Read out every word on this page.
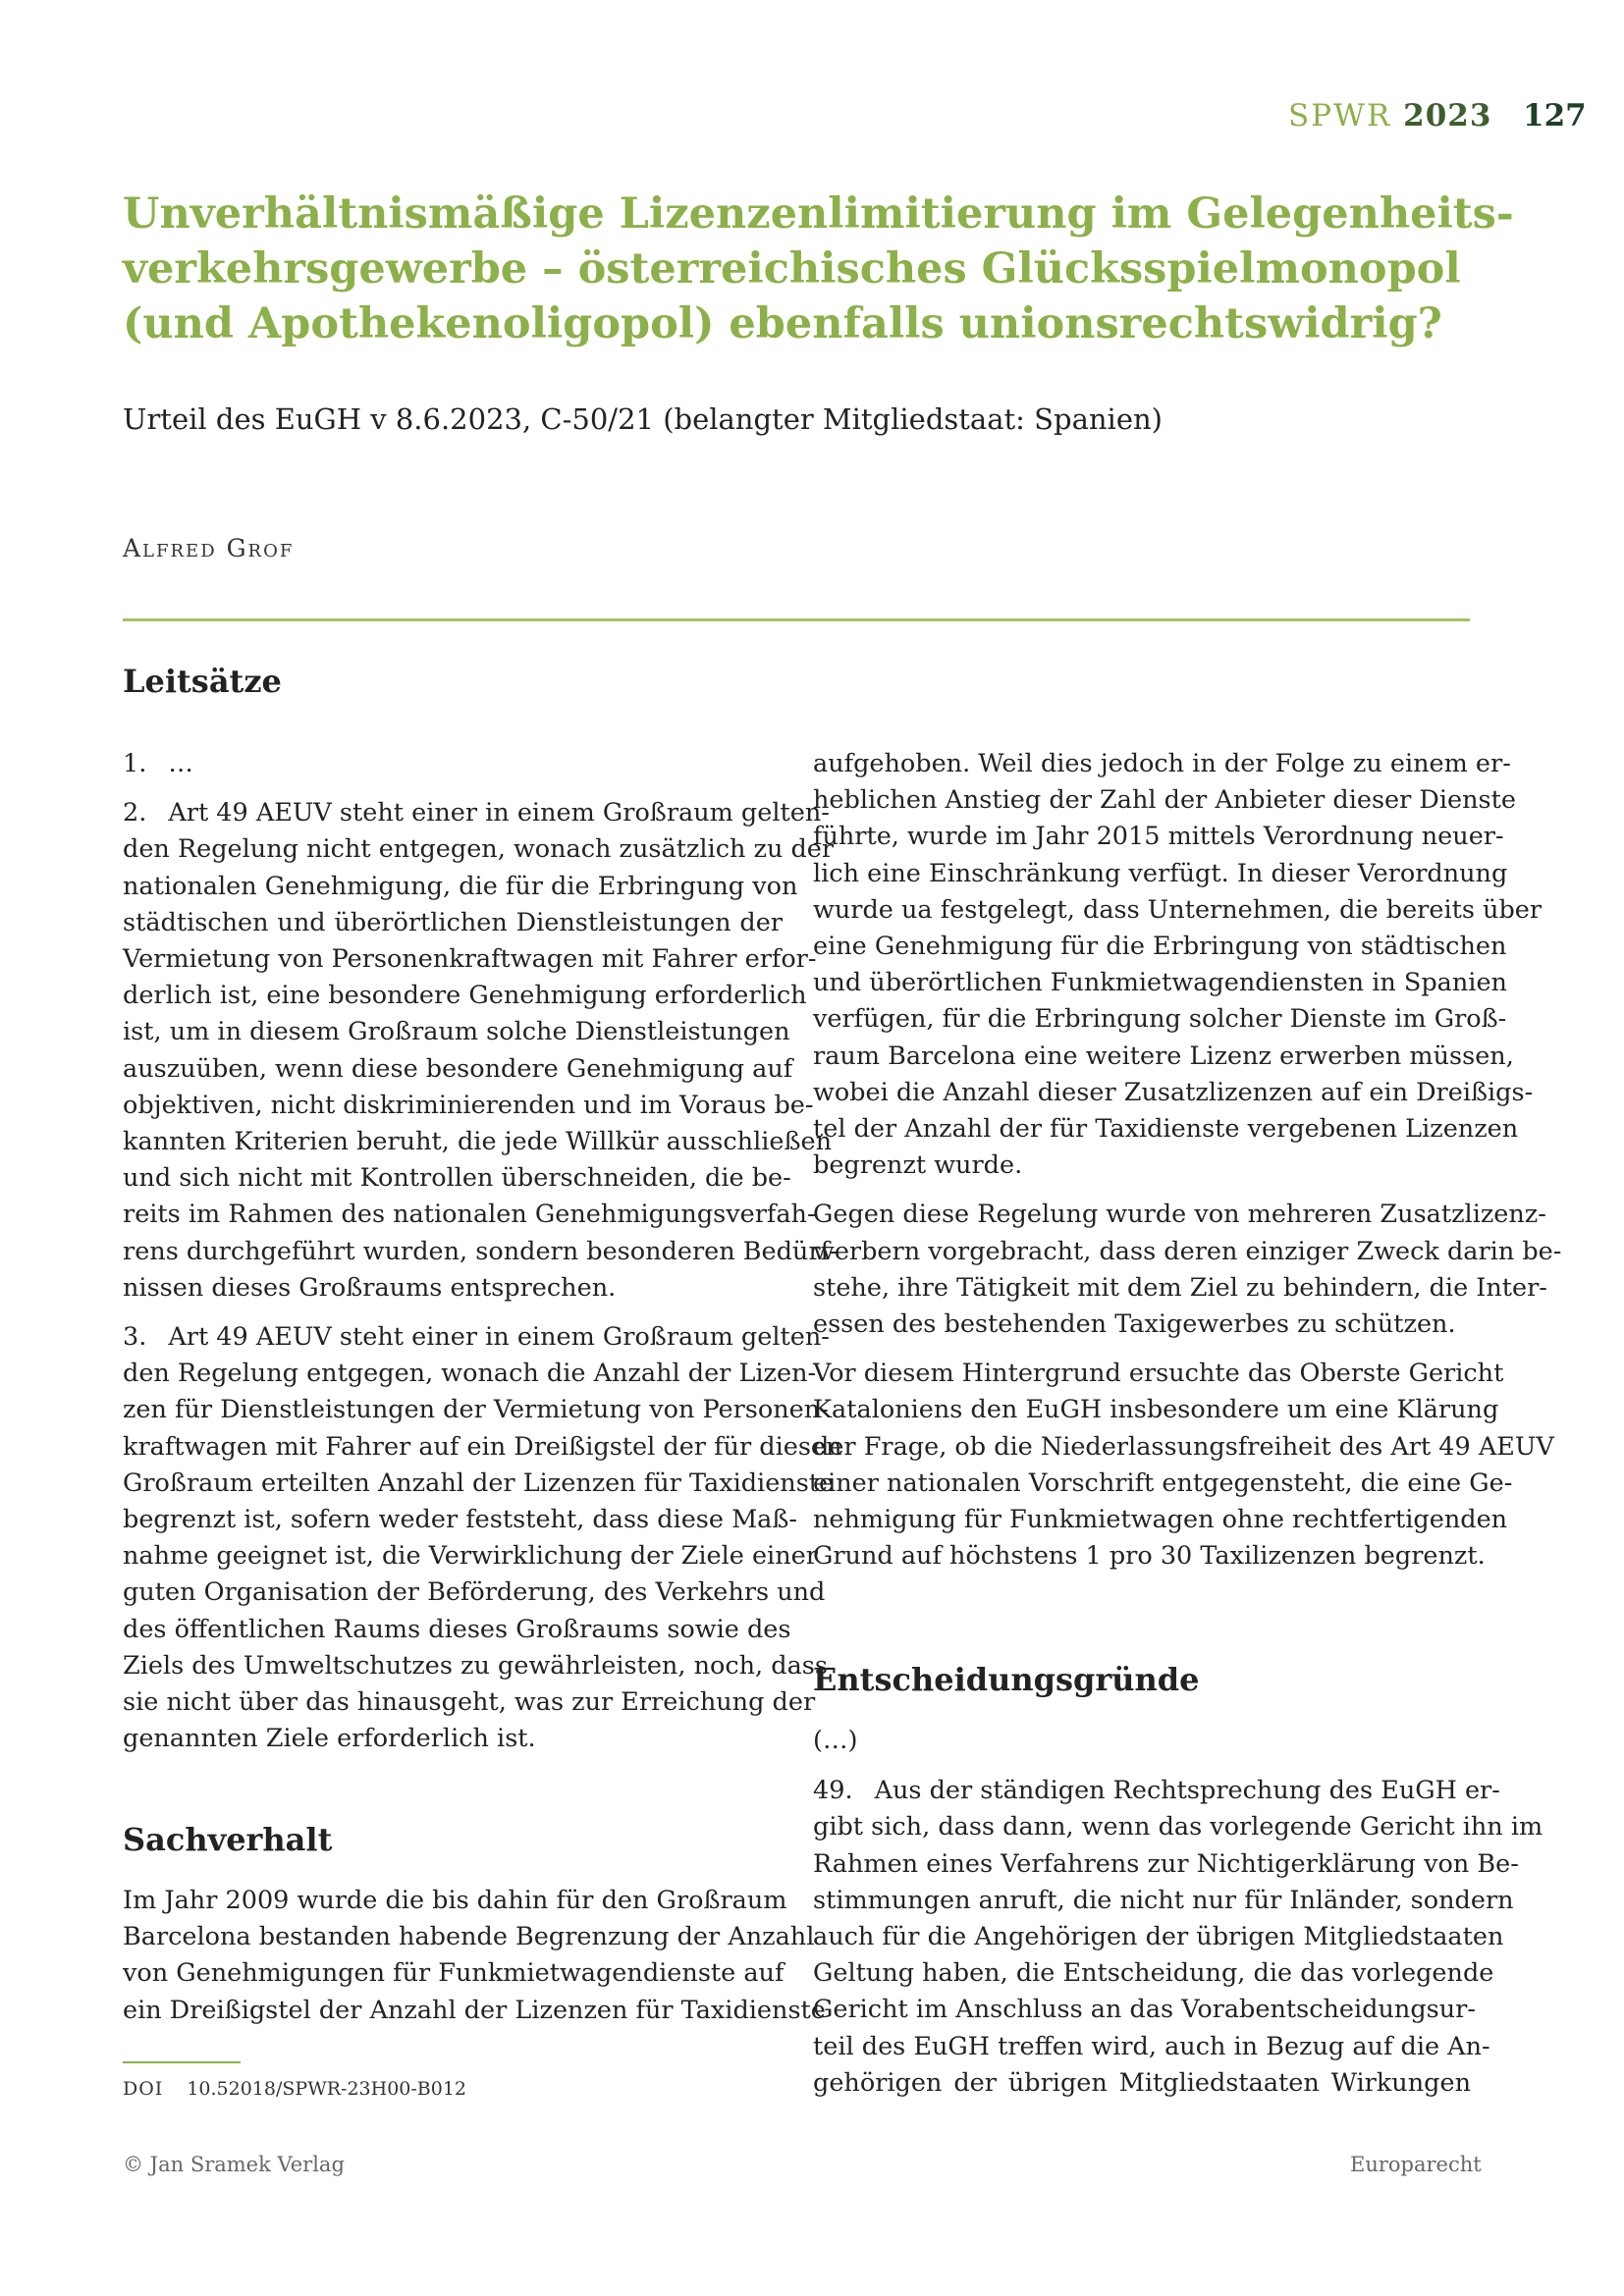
SPWR 2023 127
Unverhältnismäßige Lizenzenlimitierung im Gelegenheits-
verkehrsgewerbe – österreichisches Glücksspielmonopol
(und Apothekenoligopol) ebenfalls unionsrechtswidrig?
Urteil des EuGH v 8.6.2023, C-50/21 (belangter Mitgliedstaat: Spanien)
Alfred Grof
Leitsätze

1. …

2. Art 49 AEUV steht einer in einem Großraum gelten-
den Regelung nicht entgegen, wonach zusätzlich zu der
nationalen Genehmigung, die für die Erbringung von
städtischen und überörtlichen Dienstleistungen der
Vermietung von Personenkraftwagen mit Fahrer erfor-
derlich ist, eine besondere Genehmigung erforderlich
ist, um in diesem Großraum solche Dienstleistungen
auszuüben, wenn diese besondere Genehmigung auf
objektiven, nicht diskriminierenden und im Voraus be-
kannten Kriterien beruht, die jede Willkür ausschließen
und sich nicht mit Kontrollen überschneiden, die be-
reits im Rahmen des nationalen Genehmigungsverfah-
rens durchgeführt wurden, sondern besonderen Bedürf-
nissen dieses Großraums entsprechen.

3. Art 49 AEUV steht einer in einem Großraum gelten-
den Regelung entgegen, wonach die Anzahl der Lizen-
zen für Dienstleistungen der Vermietung von Personen-
kraftwagen mit Fahrer auf ein Dreißigstel der für diesen
Großraum erteilten Anzahl der Lizenzen für Taxidienste
begrenzt ist, sofern weder feststeht, dass diese Maß-
nahme geeignet ist, die Verwirklichung der Ziele einer
guten Organisation der Beförderung, des Verkehrs und
des öffentlichen Raums dieses Großraums sowie des
Ziels des Umweltschutzes zu gewährleisten, noch, dass
sie nicht über das hinausgeht, was zur Erreichung der
genannten Ziele erforderlich ist.

Sachverhalt

Im Jahr 2009 wurde die bis dahin für den Großraum
Barcelona bestanden habende Begrenzung der Anzahl
von Genehmigungen für Funkmietwagendienste auf
ein Dreißigstel der Anzahl der Lizenzen für Taxidienste

aufgehoben. Weil dies jedoch in der Folge zu einem er-
heblichen Anstieg der Zahl der Anbieter dieser Dienste
führte, wurde im Jahr 2015 mittels Verordnung neuer-
lich eine Einschränkung verfügt. In dieser Verordnung
wurde ua festgelegt, dass Unternehmen, die bereits über
eine Genehmigung für die Erbringung von städtischen
und überörtlichen Funkmietwagendiensten in Spanien
verfügen, für die Erbringung solcher Dienste im Groß-
raum Barcelona eine weitere Lizenz erwerben müssen,
wobei die Anzahl dieser Zusatzlizenzen auf ein Dreißigs-
tel der Anzahl der für Taxidienste vergebenen Lizenzen
begrenzt wurde.

Gegen diese Regelung wurde von mehreren Zusatzlizenz-
werbern vorgebracht, dass deren einziger Zweck darin be-
stehe, ihre Tätigkeit mit dem Ziel zu behindern, die Inter-
essen des bestehenden Taxigewerbes zu schützen.

Vor diesem Hintergrund ersuchte das Oberste Gericht
Kataloniens den EuGH insbesondere um eine Klärung
der Frage, ob die Niederlassungsfreiheit des Art 49 AEUV
einer nationalen Vorschrift entgegensteht, die eine Ge-
nehmigung für Funkmietwagen ohne rechtfertigenden
Grund auf höchstens 1 pro 30 Taxilizenzen begrenzt.

Entscheidungsgründe

(…)

49. Aus der ständigen Rechtsprechung des EuGH er-
gibt sich, dass dann, wenn das vorlegende Gericht ihn im
Rahmen eines Verfahrens zur Nichtigerklärung von Be-
stimmungen anruft, die nicht nur für Inländer, sondern
auch für die Angehörigen der übrigen Mitgliedstaaten
Geltung haben, die Entscheidung, die das vorlegende
Gericht im Anschluss an das Vorabentscheidungsur-
teil des EuGH treffen wird, auch in Bezug auf die An-
gehörigen der übrigen Mitgliedstaaten Wirkungen

DOI 10.52018/SPWR-23H00-B012
© Jan Sramek Verlag	Europarecht
